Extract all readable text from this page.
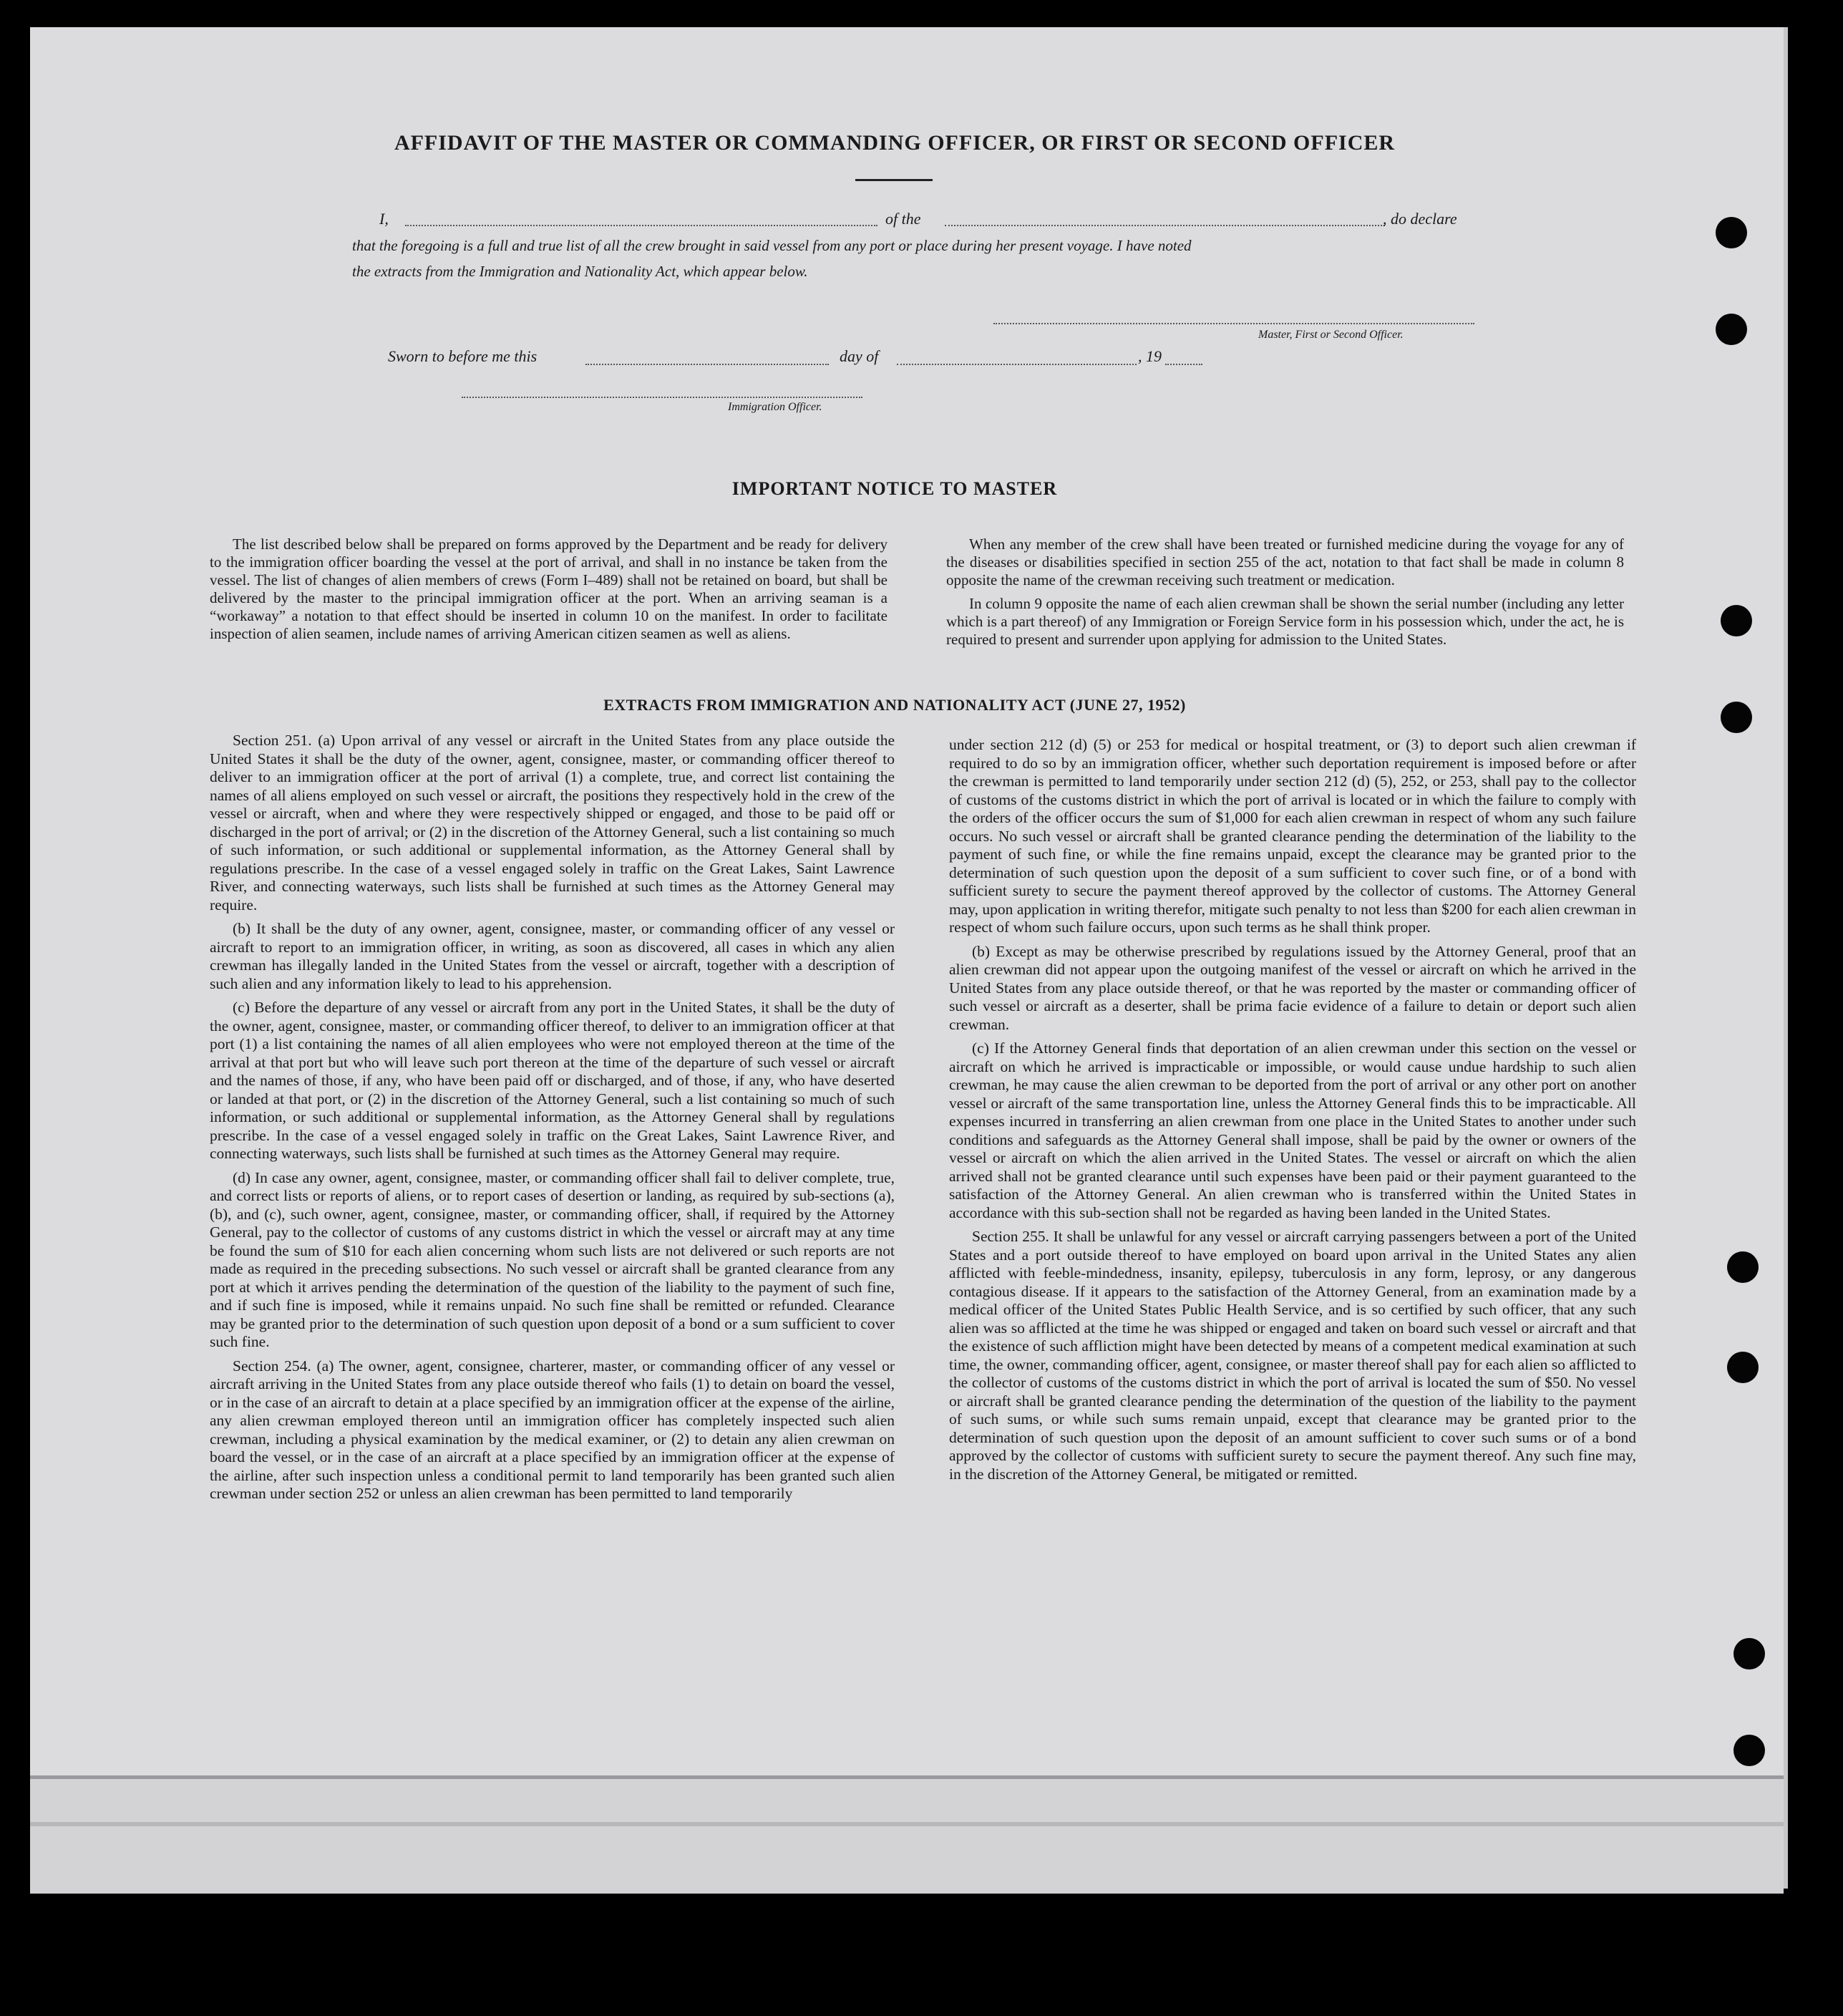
AFFIDAVIT OF THE MASTER OR COMMANDING OFFICER, OR FIRST OR SECOND OFFICER
I,	of the	, do declare
that the foregoing is a full and true list of all the crew brought in said vessel from any port or place during her present voyage. I have noted
the extracts from the Immigration and Nationality Act, which appear below.
Master, First or Second Officer.
Sworn to before me this	day of	, 19
Immigration Officer.
IMPORTANT NOTICE TO MASTER

The list described below shall be prepared on forms approved by the Department and be ready for delivery to the immigration officer boarding the vessel at the port of arrival, and shall in no instance be taken from the vessel. The list of changes of alien members of crews (Form I–489) shall not be retained on board, but shall be delivered by the master to the principal immigration officer at the port. When an arriving seaman is a “workaway” a notation to that effect should be inserted in column 10 on the manifest. In order to facilitate inspection of alien seamen, include names of arriving American citizen seamen as well as aliens.

When any member of the crew shall have been treated or furnished medicine during the voyage for any of the diseases or disabilities specified in section 255 of the act, notation to that fact shall be made in column 8 opposite the name of the crewman receiving such treatment or medication.

In column 9 opposite the name of each alien crewman shall be shown the serial number (including any letter which is a part thereof) of any Immigration or Foreign Service form in his possession which, under the act, he is required to present and surrender upon applying for admission to the United States.

EXTRACTS FROM IMMIGRATION AND NATIONALITY ACT (JUNE 27, 1952)

Section 251. (a) Upon arrival of any vessel or aircraft in the United States from any place outside the United States it shall be the duty of the owner, agent, consignee, master, or commanding officer thereof to deliver to an immigration officer at the port of arrival (1) a complete, true, and correct list containing the names of all aliens employed on such vessel or aircraft, the positions they respectively hold in the crew of the vessel or aircraft, when and where they were respectively shipped or engaged, and those to be paid off or discharged in the port of arrival; or (2) in the discretion of the Attorney General, such a list containing so much of such information, or such additional or supplemental information, as the Attorney General shall by regulations prescribe. In the case of a vessel engaged solely in traffic on the Great Lakes, Saint Lawrence River, and connecting waterways, such lists shall be furnished at such times as the Attorney General may require.

(b) It shall be the duty of any owner, agent, consignee, master, or commanding officer of any vessel or aircraft to report to an immigration officer, in writing, as soon as discovered, all cases in which any alien crewman has illegally landed in the United States from the vessel or aircraft, together with a description of such alien and any information likely to lead to his apprehension.

(c) Before the departure of any vessel or aircraft from any port in the United States, it shall be the duty of the owner, agent, consignee, master, or commanding officer thereof, to deliver to an immigration officer at that port (1) a list containing the names of all alien employees who were not employed thereon at the time of the arrival at that port but who will leave such port thereon at the time of the departure of such vessel or aircraft and the names of those, if any, who have been paid off or discharged, and of those, if any, who have deserted or landed at that port, or (2) in the discretion of the Attorney General, such a list containing so much of such information, or such additional or supplemental information, as the Attorney General shall by regulations prescribe. In the case of a vessel engaged solely in traffic on the Great Lakes, Saint Lawrence River, and connecting waterways, such lists shall be furnished at such times as the Attorney General may require.

(d) In case any owner, agent, consignee, master, or commanding officer shall fail to deliver complete, true, and correct lists or reports of aliens, or to report cases of desertion or landing, as required by sub-sections (a), (b), and (c), such owner, agent, consignee, master, or commanding officer, shall, if required by the Attorney General, pay to the collector of customs of any customs district in which the vessel or aircraft may at any time be found the sum of $10 for each alien concerning whom such lists are not delivered or such reports are not made as required in the preceding subsections. No such vessel or aircraft shall be granted clearance from any port at which it arrives pending the determination of the question of the liability to the payment of such fine, and if such fine is imposed, while it remains unpaid. No such fine shall be remitted or refunded. Clearance may be granted prior to the determination of such question upon deposit of a bond or a sum sufficient to cover such fine.

Section 254. (a) The owner, agent, consignee, charterer, master, or commanding officer of any vessel or aircraft arriving in the United States from any place outside thereof who fails (1) to detain on board the vessel, or in the case of an aircraft to detain at a place specified by an immigration officer at the expense of the airline, any alien crewman employed thereon until an immigration officer has completely inspected such alien crewman, including a physical examination by the medical examiner, or (2) to detain any alien crewman on board the vessel, or in the case of an aircraft at a place specified by an immigration officer at the expense of the airline, after such inspection unless a conditional permit to land temporarily has been granted such alien crewman under section 252 or unless an alien crewman has been permitted to land temporarily

under section 212 (d) (5) or 253 for medical or hospital treatment, or (3) to deport such alien crewman if required to do so by an immigration officer, whether such deportation requirement is imposed before or after the crewman is permitted to land temporarily under section 212 (d) (5), 252, or 253, shall pay to the collector of customs of the customs district in which the port of arrival is located or in which the failure to comply with the orders of the officer occurs the sum of $1,000 for each alien crewman in respect of whom any such failure occurs. No such vessel or aircraft shall be granted clearance pending the determination of the liability to the payment of such fine, or while the fine remains unpaid, except the clearance may be granted prior to the determination of such question upon the deposit of a sum sufficient to cover such fine, or of a bond with sufficient surety to secure the payment thereof approved by the collector of customs. The Attorney General may, upon application in writing therefor, mitigate such penalty to not less than $200 for each alien crewman in respect of whom such failure occurs, upon such terms as he shall think proper.

(b) Except as may be otherwise prescribed by regulations issued by the Attorney General, proof that an alien crewman did not appear upon the outgoing manifest of the vessel or aircraft on which he arrived in the United States from any place outside thereof, or that he was reported by the master or commanding officer of such vessel or aircraft as a deserter, shall be prima facie evidence of a failure to detain or deport such alien crewman.

(c) If the Attorney General finds that deportation of an alien crewman under this section on the vessel or aircraft on which he arrived is impracticable or impossible, or would cause undue hardship to such alien crewman, he may cause the alien crewman to be deported from the port of arrival or any other port on another vessel or aircraft of the same transportation line, unless the Attorney General finds this to be impracticable. All expenses incurred in transferring an alien crewman from one place in the United States to another under such conditions and safeguards as the Attorney General shall impose, shall be paid by the owner or owners of the vessel or aircraft on which the alien arrived in the United States. The vessel or aircraft on which the alien arrived shall not be granted clearance until such expenses have been paid or their payment guaranteed to the satisfaction of the Attorney General. An alien crewman who is transferred within the United States in accordance with this sub-section shall not be regarded as having been landed in the United States.

Section 255. It shall be unlawful for any vessel or aircraft carrying passengers between a port of the United States and a port outside thereof to have employed on board upon arrival in the United States any alien afflicted with feeble-mindedness, insanity, epilepsy, tuberculosis in any form, leprosy, or any dangerous contagious disease. If it appears to the satisfaction of the Attorney General, from an examination made by a medical officer of the United States Public Health Service, and is so certified by such officer, that any such alien was so afflicted at the time he was shipped or engaged and taken on board such vessel or aircraft and that the existence of such affliction might have been detected by means of a competent medical examination at such time, the owner, commanding officer, agent, consignee, or master thereof shall pay for each alien so afflicted to the collector of customs of the customs district in which the port of arrival is located the sum of $50. No vessel or aircraft shall be granted clearance pending the determination of the question of the liability to the payment of such sums, or while such sums remain unpaid, except that clearance may be granted prior to the determination of such question upon the deposit of an amount sufficient to cover such sums or of a bond approved by the collector of customs with sufficient surety to secure the payment thereof. Any such fine may, in the discretion of the Attorney General, be mitigated or remitted.
